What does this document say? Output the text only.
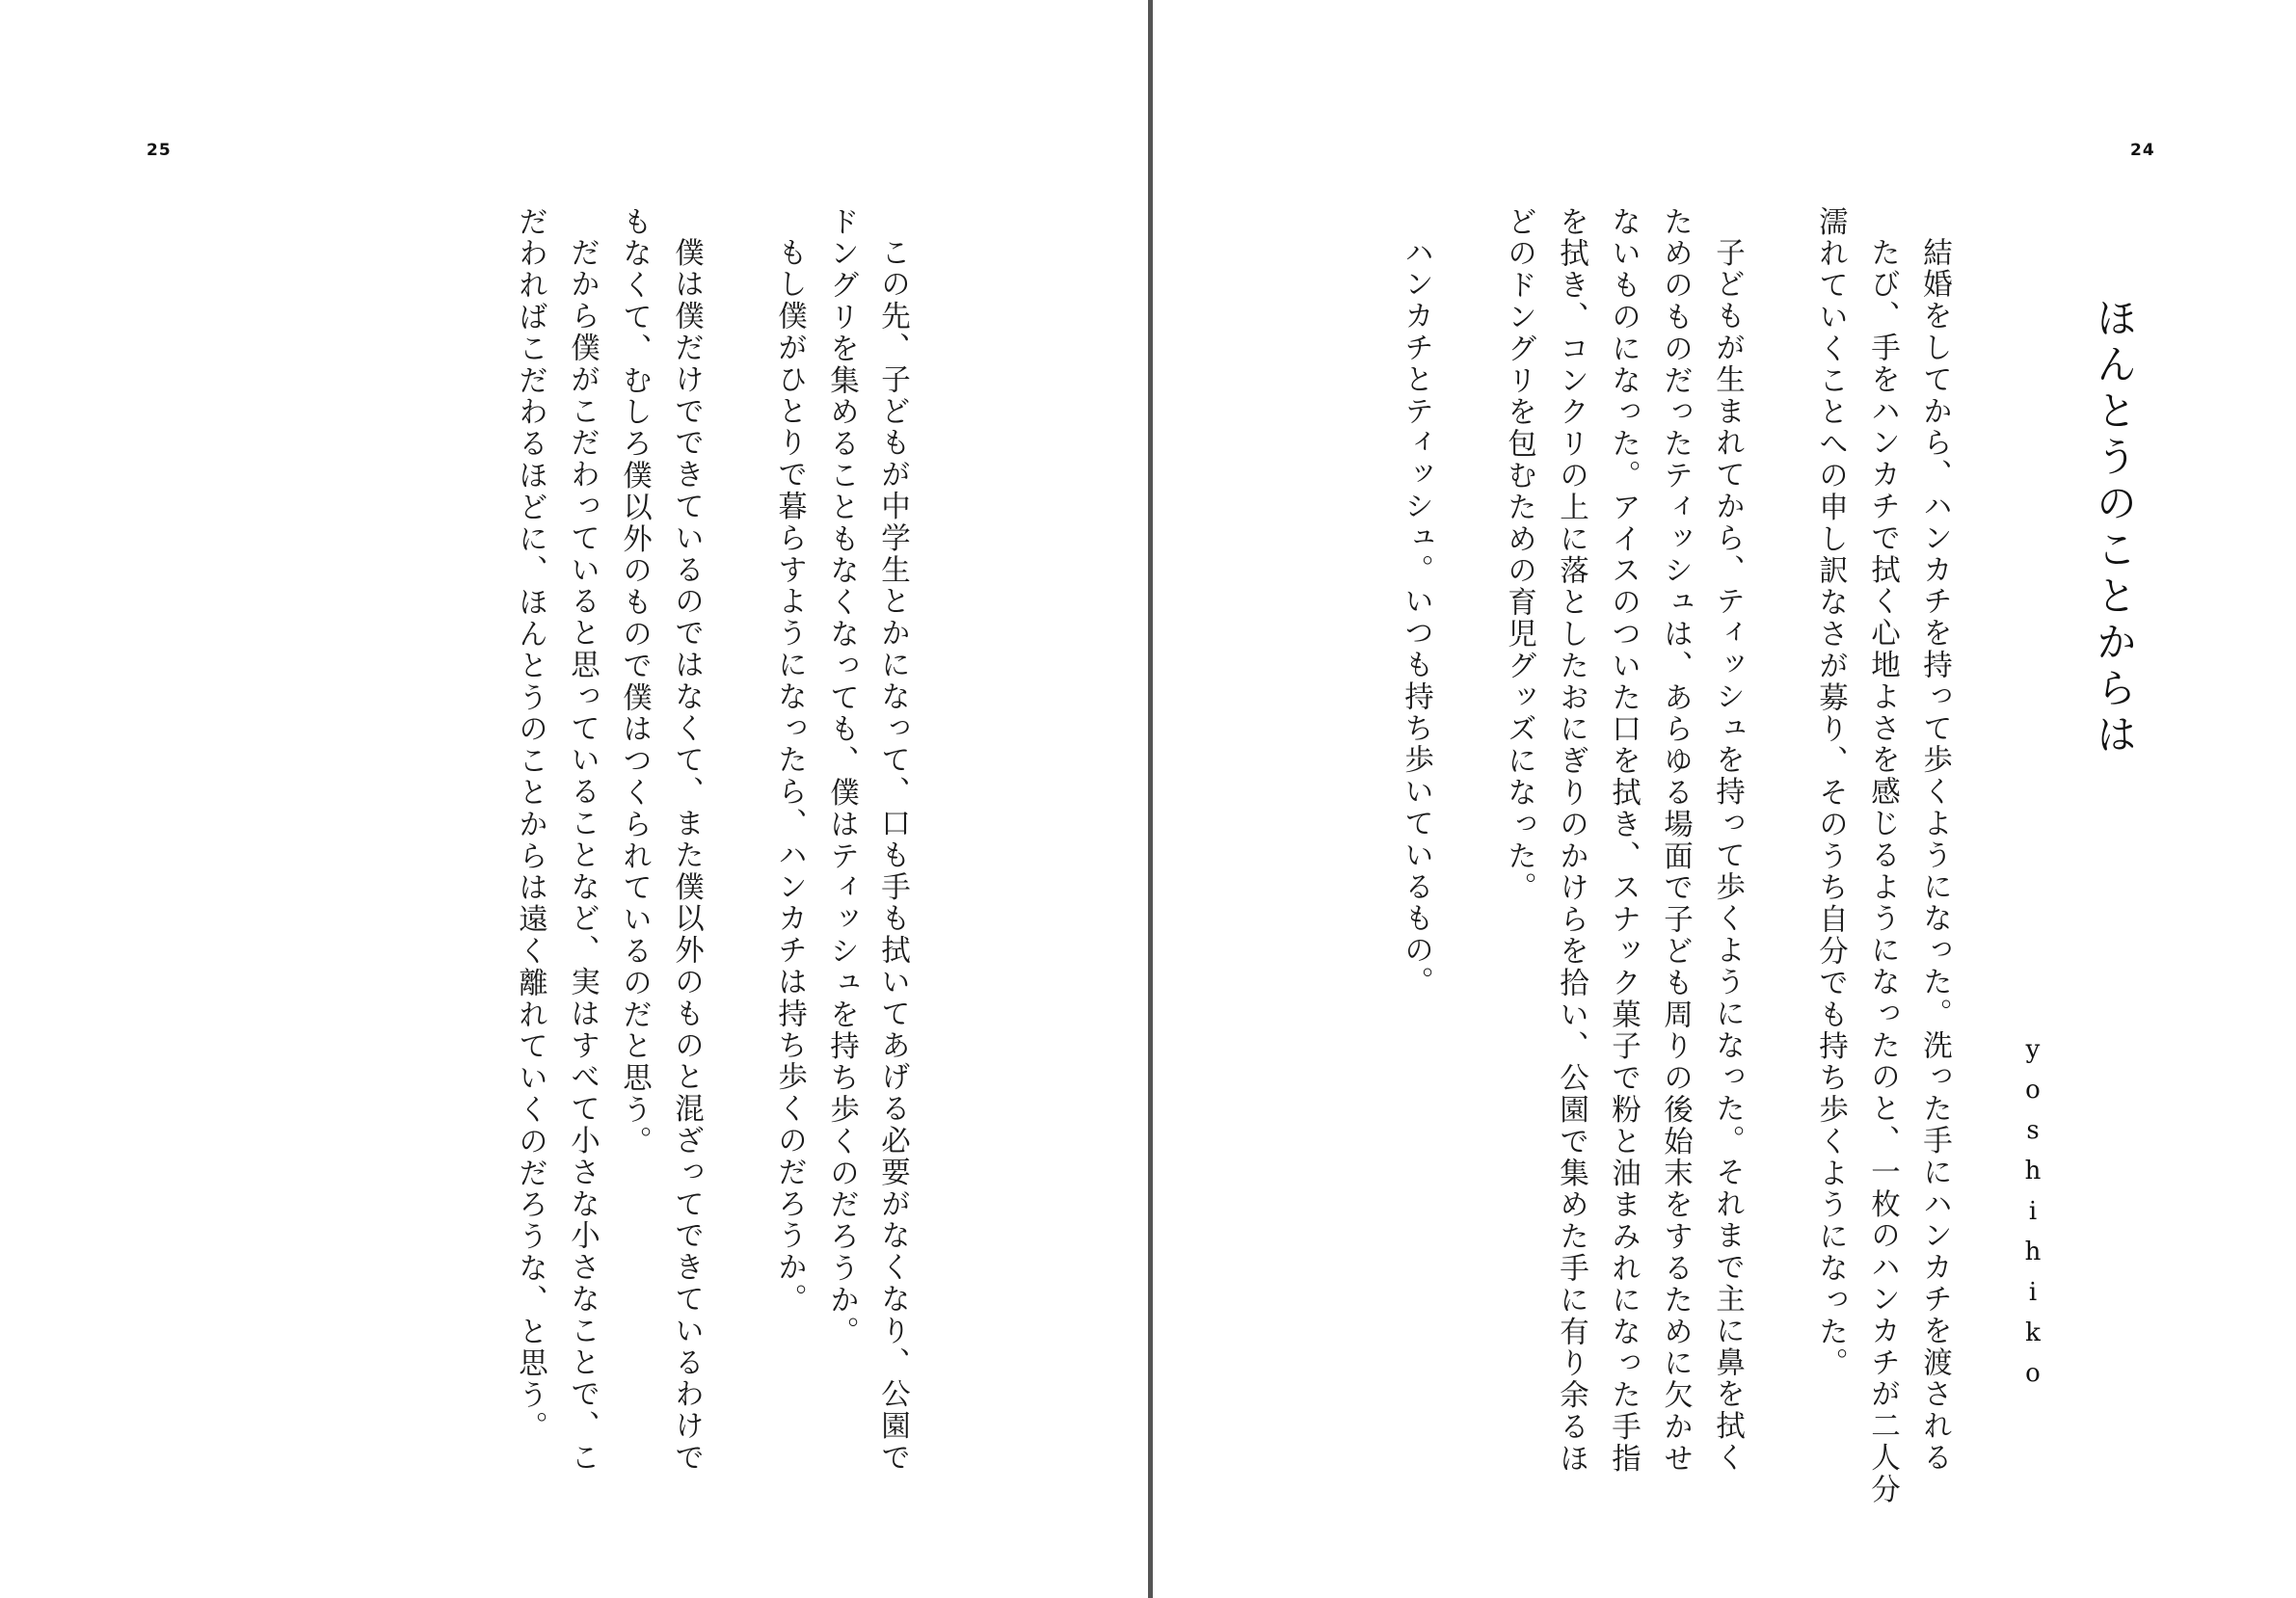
25	24
ほんとうのことからは
yoshihiko
結婚をしてから、ハンカチを持って歩くようになった。洗った手にハンカチを渡される
たび、手をハンカチで拭く心地よさを感じるようになったのと、一枚のハンカチが二人分
濡れていくことへの申し訳なさが募り、そのうち自分でも持ち歩くようになった。
子どもが生まれてから、ティッシュを持って歩くようになった。それまで主に鼻を拭く
ためのものだったティッシュは、あらゆる場面で子ども周りの後始末をするために欠かせ
ないものになった。アイスのついた口を拭き、スナック菓子で粉と油まみれになった手指
を拭き、コンクリの上に落としたおにぎりのかけらを拾い、公園で集めた手に有り余るほ
どのドングリを包むための育児グッズになった。
ハンカチとティッシュ。いつも持ち歩いているもの。
この先、子どもが中学生とかになって、口も手も拭いてあげる必要がなくなり、公園で
ドングリを集めることもなくなっても、僕はティッシュを持ち歩くのだろうか。
もし僕がひとりで暮らすようになったら、ハンカチは持ち歩くのだろうか。
僕は僕だけでできているのではなくて、また僕以外のものと混ざってできているわけで
もなくて、むしろ僕以外のもので僕はつくられているのだと思う。
だから僕がこだわっていると思っていることなど、実はすべて小さな小さなことで、こ
だわればこだわるほどに、ほんとうのことからは遠く離れていくのだろうな、と思う。
